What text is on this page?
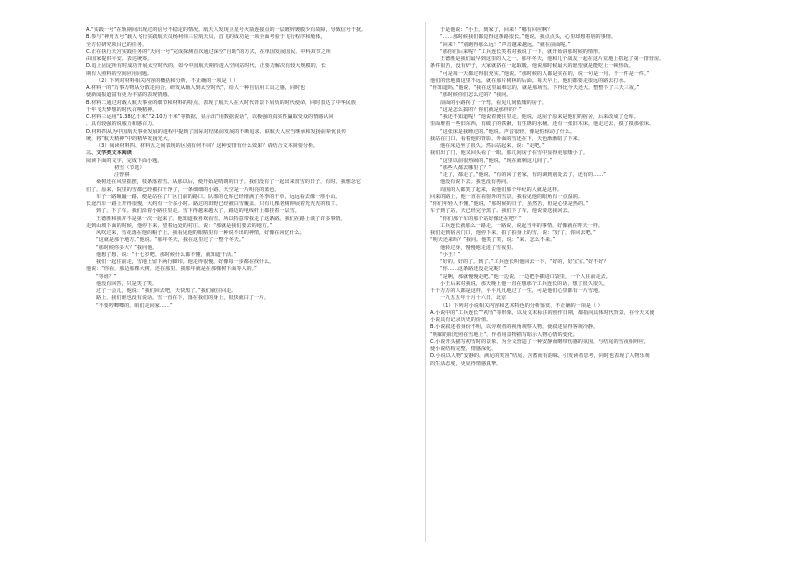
A.“实践一号”在轨期间出现过的信号不稳定的情况。航天人发现卫星号火箭连接点的一层镀锌镀膜少有故障，导致信号干扰。

B.参与“神舟五号”载人飞行实践航天员杨利伟三位航天员，首飞的成功是一项全面考验于飞行程序和舱体，

全方位研究项目已的任务。

C.正在执行天宫实践任务的“天问一号”完成探测首次通过深空“自助”的方式，在单国发展国民，中科双节之所

由国家提供平安。表达统筹。

D.追上固定所有时成功开展太空时代的，如今中国航天期待进入空间站时代，正要力解决有较大规模的，长

期有人照料的空间应用问题。

（2）下列对材料相关内容的概括和分析，不正确的一项是（ ）

A.材料一的“万事万物从分散走向合，研发从载人到太空时代”，给人一种自信用工具之感，同时也

使新闻报道富有更为丰富的表现情感。

B.材料二通过对载人航天事业的细节和材料的特点，表现了航天人在大时代背景下肩负的时代使命，同时表达了中华民族

千年飞天梦想的时代召唤精神。

C.材料三运用“1.38亿千米”“2.10万千米”等数据，显示出“用数据说话”，以极强的真实性赢取受众的情感认同

，具有较强的说服力和感召力。

D.材料四从为中国航天事业发展的进程中提到了国际对结果前发展的不断追求，联航天人应当继承和发扬前辈优良传

统，将“航天精神”中的精华发扬光大。

（3）阅读材料四、材料五之间表现的区别有何不同？这种安排有什么效果？请结合文本简要分析。

三、文学类文本阅读

阅读下面的文字，完成下面小题。

初雪（节选）

汪曾祺

桑树还在风里摇摆，枝条落着雪。从那以后，便开始是晴朗的日子。我们没有了一起出来赏雪的日子，有时，我想念它

们了。原来，院里的雪都已经被扫干净了，一条细细的小路。天空是一片明亮的蓝色。

车子一路颠簸一路，便是站在了厂区门前的路口。队部的仓库已经堆满了冬季的干草，远远看去像一座小山。

长途汽车一路上开得很慢，大约有一个多小时。路过的田野已经被白雪覆盖，只有几棵老树伸展着光秃秃的枝丫。

到了。下了车。我们沿着小路往里走。雪下得越来越大了，路边的电线杆上都挂着一层雪。

王德胜和我并不是第一次一起来了。他知道我喜欢看雪，所以特意带我走了这条路。我们在路上谈了许多事情。

走到山坡下面的时候，他停下来，望着远处的村庄，说：“那就是我们要去的地方。”

风吹过来，雪花落在他的帽子上。我看见他的眼睛里有一种说不出的神情，好像在回忆什么。

“这就是那个地方。”他说。“那年冬天，我在这里过了一整个冬天。”

“那时候你多大？”我问他。

他想了想，说：“十七岁吧。那时候什么都不懂，就知道干活。”

我们一起往前走，雪地上留下两行脚印。他走得很慢，好像每一步都在找什么。

他说：“你看，那边那棵大树，还在那里。我那年就是在那棵树下面等人的。”

“等谁？”

他没有回答，只是笑了笑。

过了一会儿，他说：“我们回去吧，天快黑了。”我们就往回走。

路上，我们谁也没有说话。雪一直在下，落在我们的身上，很快就白了一片。

“不要哼唧唧的，咱们走回家……”

于是他说：“小王，到家了，回来！”哪有回应啊？

“……那时候我们都觉得这条路很长。”他说。我点点头，心里却想着别的事情。

“回来！”“别跑得那么远！”声音越来越远，“就在前面呢。”

“那你们后来呢？”工兵连长笑着对我说了一下，就开始讲那时候的情形。

王德胜是我们最早到这里的人之一。那年冬天，他和几个战友一起在这片荒地上搭起了第一排营房。

条件很苦，没有炉子，大家就挤在一起取暖。他说那时候最大的愿望就是能吃上一顿热饭。

“可是每一天都过得很充实。”他说。“那时候的人都是实在的，说一句是一句，干一件是一件。”

他们的营地离这里不远，就在那片树林的后面。每天早上，他们都要走很远的路去打水。

“你知道吗，”他说，“我在这里最难忘的，就是那场雪。下得比今天还大，整整下了三天三夜。”

“那时候你们怎么过的？”我问。

前面的小路拐了一个弯，看见几间低矮的房子。

“这是怎么搞的？你们就是那样的？”

“我还不知道呢！”他说着便往里走。他说，这屋子原来是他们的宿舍，后来改成了仓库。

里面堆着一些旧东西，有破了的铁锹，有生锈的水桶，还有一张旧木床。他走过去，摸了摸那张床。

“这张床是我睡过的。”他说。声音很轻，像是怕惊动了什么。

我站在门口，看着他的背影。外面的雪还在下，天色渐渐暗了下来。

他在床边坐了很久。然后站起来，说：“走吧。”

我们出了门，他又回头看了一眼。那几间房子在雪中显得更加矮小了。

“这里以前很热闹的，”他说，“现在就剩这几间了。”

“那些人都去哪里了？”

“走了，都走了。”他说，“有的回了老家，有的调到别处去了，还有的……”

他没有说下去。我也没有再问。

周围的人都笑了起来，说他们那个年纪的人就是这样。

回来的路上，他一直在看窗外的雪景。我看见他的眼角有一点湿润。

“你们年轻人不懂，”他说，“那时候的日子，虽然苦，但是心里是热的。”

车子到了站，天已经完全黑了。我们下了车，他说要送我回去。

“你们那个车的那个站好像还在吧？”

工兵连长就那么一路走，一路说，说起当年的事情，好像就在昨天一样。

我们走到宿舍门口，他停下来，拍了拍身上的雪，说：“好了，你回去吧。”

“明天还来吗？”我问。他笑了笑，说：“来，怎么不来。”

他转过身，慢慢地走进了雪夜里。

“小王！”

“好的。好的了。到了。”工兵连长叫他回去一下，“好的，好宝宝。”好不好？

“你……这条路还没走完呢！”

“是啊，那就慢慢走吧。”他一边说，一边把手插进口袋里，一个人往前走去。

小王后来对我说，那天晚上他一直在想那个工兵连长的话，想了很久很久。

千千万万的人都是这样，平平凡凡地过了一生，可是他们心里都有一片雪地。

一九五五年十月十六日，北京

（1）下列对小说相关内容和艺术特色的分析鉴赏，不正确的一项是（ ）

A.小说中的“工兵连长”“初雪”等形象，以及文末标注的创作日期，都指向具体时代背景，在今天又使

小说具有记录历史的价值。

B.小说叙述者身份不明，以旁观者的视角观察人物，使叙述显得客观冷静。

“明媚的阳光照在雪地上”，作者用景物描写暗示人物心情的变化。

C.小说开头描写初雪时的景象，为全文营造了一种安静而略带伤感的氛围，与结尾的雪夜相呼应，

使小说结构完整，情感深化。

D.小说以人物“安静的、满足的笑容”结尾，含蓄而有韵味，引发读者思考，同时也表现了人物乐观

的生活态度，更显得情感真挚。
